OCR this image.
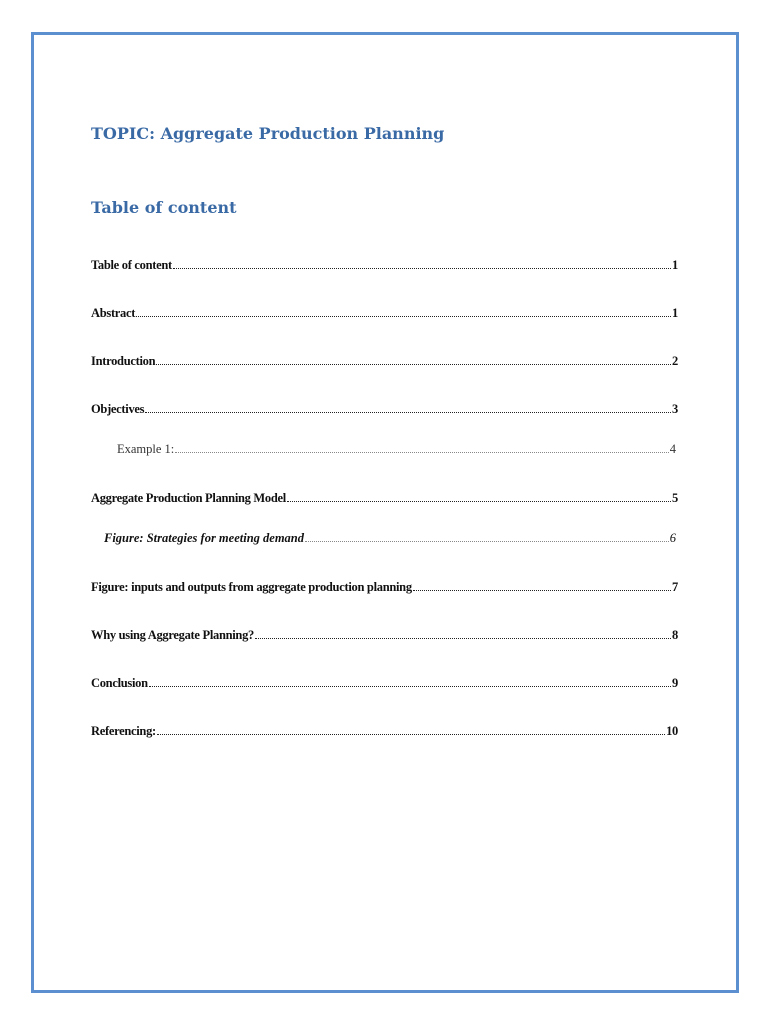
TOPIC: Aggregate Production Planning
Table of content
Table of content	1
Abstract	1
Introduction	2
Objectives	3
Example 1:	4
Aggregate Production Planning Model	5
Figure: Strategies for meeting demand	6
Figure: inputs and outputs from aggregate production planning	7
Why using Aggregate Planning?	8
Conclusion	9
Referencing:	10
